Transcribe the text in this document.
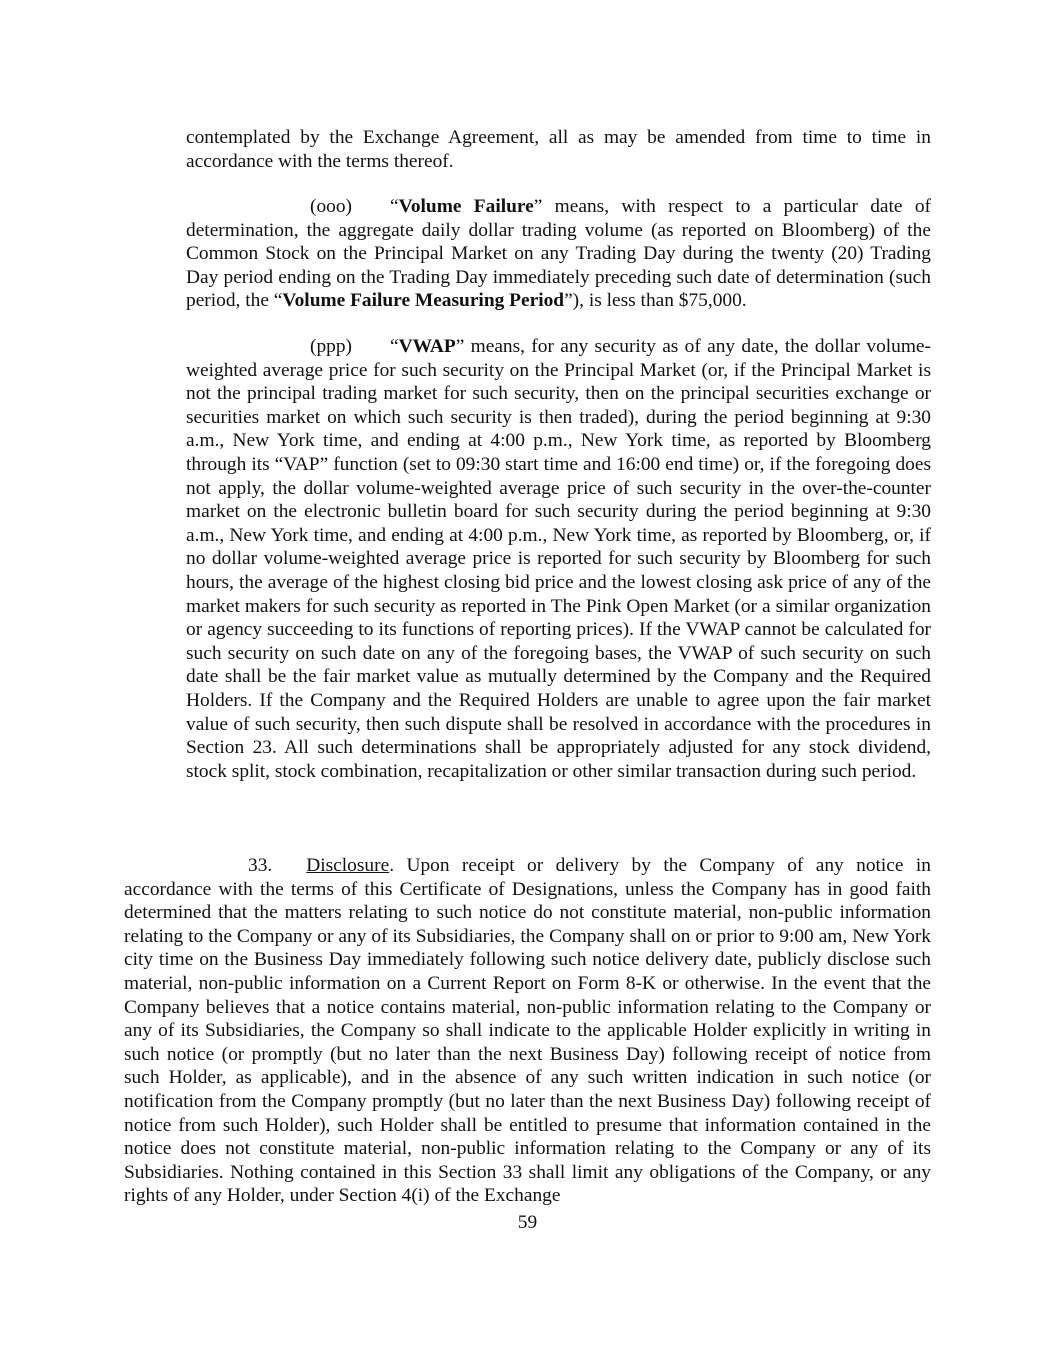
contemplated by the Exchange Agreement, all as may be amended from time to time in accordance with the terms thereof.

(ooo) “Volume Failure” means, with respect to a particular date of determination, the aggregate daily dollar trading volume (as reported on Bloomberg) of the Common Stock on the Principal Market on any Trading Day during the twenty (20) Trading Day period ending on the Trading Day immediately preceding such date of determination (such period, the “Volume Failure Measuring Period”), is less than $75,000.

(ppp) “VWAP” means, for any security as of any date, the dollar volume-weighted average price for such security on the Principal Market (or, if the Principal Market is not the principal trading market for such security, then on the principal securities exchange or securities market on which such security is then traded), during the period beginning at 9:30 a.m., New York time, and ending at 4:00 p.m., New York time, as reported by Bloomberg through its “VAP” function (set to 09:30 start time and 16:00 end time) or, if the foregoing does not apply, the dollar volume-weighted average price of such security in the over-the-counter market on the electronic bulletin board for such security during the period beginning at 9:30 a.m., New York time, and ending at 4:00 p.m., New York time, as reported by Bloomberg, or, if no dollar volume-weighted average price is reported for such security by Bloomberg for such hours, the average of the highest closing bid price and the lowest closing ask price of any of the market makers for such security as reported in The Pink Open Market (or a similar organization or agency succeeding to its functions of reporting prices). If the VWAP cannot be calculated for such security on such date on any of the foregoing bases, the VWAP of such security on such date shall be the fair market value as mutually determined by the Company and the Required Holders. If the Company and the Required Holders are unable to agree upon the fair market value of such security, then such dispute shall be resolved in accordance with the procedures in Section 23. All such determinations shall be appropriately adjusted for any stock dividend, stock split, stock combination, recapitalization or other similar transaction during such period.

33. Disclosure. Upon receipt or delivery by the Company of any notice in accordance with the terms of this Certificate of Designations, unless the Company has in good faith determined that the matters relating to such notice do not constitute material, non-public information relating to the Company or any of its Subsidiaries, the Company shall on or prior to 9:00 am, New York city time on the Business Day immediately following such notice delivery date, publicly disclose such material, non-public information on a Current Report on Form 8-K or otherwise. In the event that the Company believes that a notice contains material, non-public information relating to the Company or any of its Subsidiaries, the Company so shall indicate to the applicable Holder explicitly in writing in such notice (or promptly (but no later than the next Business Day) following receipt of notice from such Holder, as applicable), and in the absence of any such written indication in such notice (or notification from the Company promptly (but no later than the next Business Day) following receipt of notice from such Holder), such Holder shall be entitled to presume that information contained in the notice does not constitute material, non-public information relating to the Company or any of its Subsidiaries. Nothing contained in this Section 33 shall limit any obligations of the Company, or any rights of any Holder, under Section 4(i) of the Exchange

59
